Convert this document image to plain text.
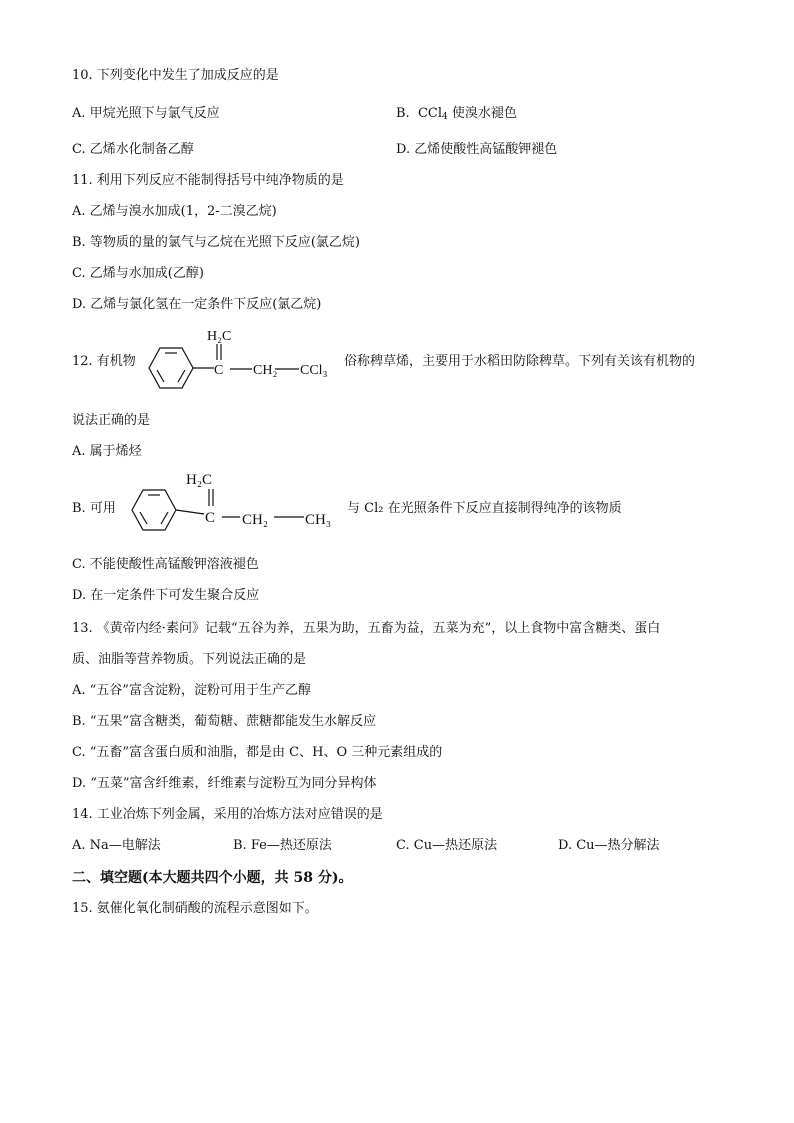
10. 下列变化中发生了加成反应的是
A. 甲烷光照下与氯气反应	B. CCl$_4$ 使溴水褪色
C. 乙烯水化制备乙醇	D. 乙烯使酸性高锰酸钾褪色
11. 利用下列反应不能制得括号中纯净物质的是
A. 乙烯与溴水加成(1，2-二溴乙烷)
B. 等物质的量的氯气与乙烷在光照下反应(氯乙烷)
C. 乙烯与水加成(乙醇)
D. 乙烯与氯化氢在一定条件下反应(氯乙烷)
12. 有机物
H₂C
C CH₂ CCl₃
俗称稗草烯，主要用于水稻田防除稗草。下列有关该有机物的
说法正确的是
A. 属于烯烃
B. 可用
H₂C
C CH₂ CH₃
与 Cl₂ 在光照条件下反应直接制得纯净的该物质
C. 不能使酸性高锰酸钾溶液褪色
D. 在一定条件下可发生聚合反应
13. 《黄帝内经·素问》记载“五谷为养，五果为助，五畜为益，五菜为充”，以上食物中富含糖类、蛋白
质、油脂等营养物质。下列说法正确的是
A. “五谷”富含淀粉，淀粉可用于生产乙醇
B. “五果”富含糖类，葡萄糖、蔗糖都能发生水解反应
C. “五畜”富含蛋白质和油脂，都是由 C、H、O 三种元素组成的
D. “五菜”富含纤维素，纤维素与淀粉互为同分异构体
14. 工业冶炼下列金属，采用的冶炼方法对应错误的是
A. Na—电解法	B. Fe—热还原法	C. Cu—热还原法	D. Cu—热分解法
二、填空题(本大题共四个小题，共 58 分)。
15. 氨催化氧化制硝酸的流程示意图如下。
